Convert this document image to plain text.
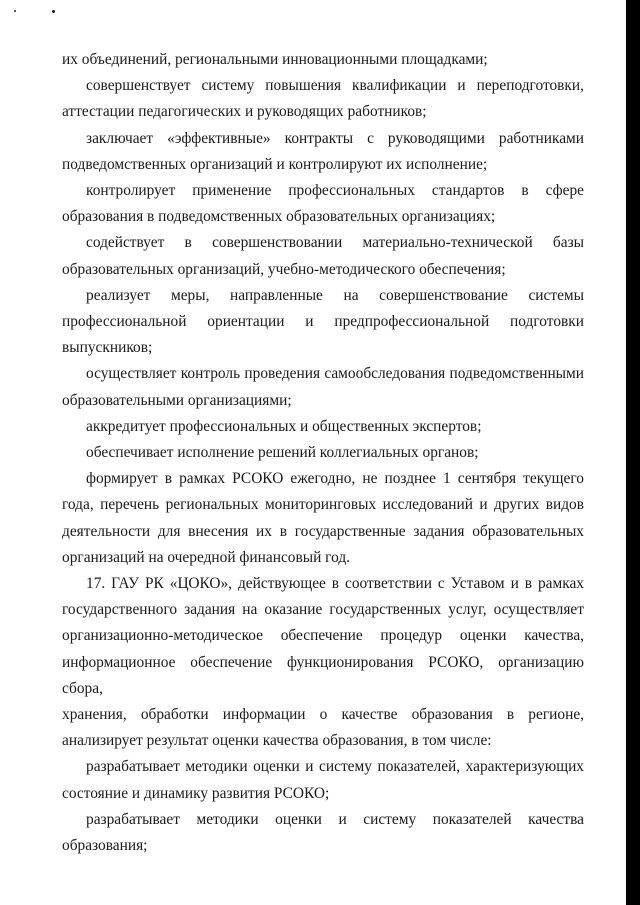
их объединений, региональными инновационными площадками;
совершенствует систему повышения квалификации и переподготовки,
аттестации педагогических и руководящих работников;
заключает «эффективные» контракты с руководящими работниками
подведомственных организаций и контролируют их исполнение;
контролирует применение профессиональных стандартов в сфере
образования в подведомственных образовательных организациях;
содействует в совершенствовании материально-технической базы
образовательных организаций, учебно-методического обеспечения;
реализует меры, направленные на совершенствование системы
профессиональной ориентации и предпрофессиональной подготовки
выпускников;
осуществляет контроль проведения самообследования подведомственными
образовательными организациями;
аккредитует профессиональных и общественных экспертов;
обеспечивает исполнение решений коллегиальных органов;
формирует в рамках РСОКО ежегодно, не позднее 1 сентября текущего
года, перечень региональных мониторинговых исследований и других видов
деятельности для внесения их в государственные задания образовательных
организаций на очередной финансовый год.
17. ГАУ РК «ЦОКО», действующее в соответствии с Уставом и в рамках
государственного задания на оказание государственных услуг, осуществляет
организационно-методическое обеспечение процедур оценки качества,
информационное обеспечение функционирования РСОКО, организацию сбора,
хранения, обработки информации о качестве образования в регионе,
анализирует результат оценки качества образования, в том числе:
разрабатывает методики оценки и систему показателей, характеризующих
состояние и динамику развития РСОКО;
разрабатывает методики оценки и систему показателей качества
образования;
